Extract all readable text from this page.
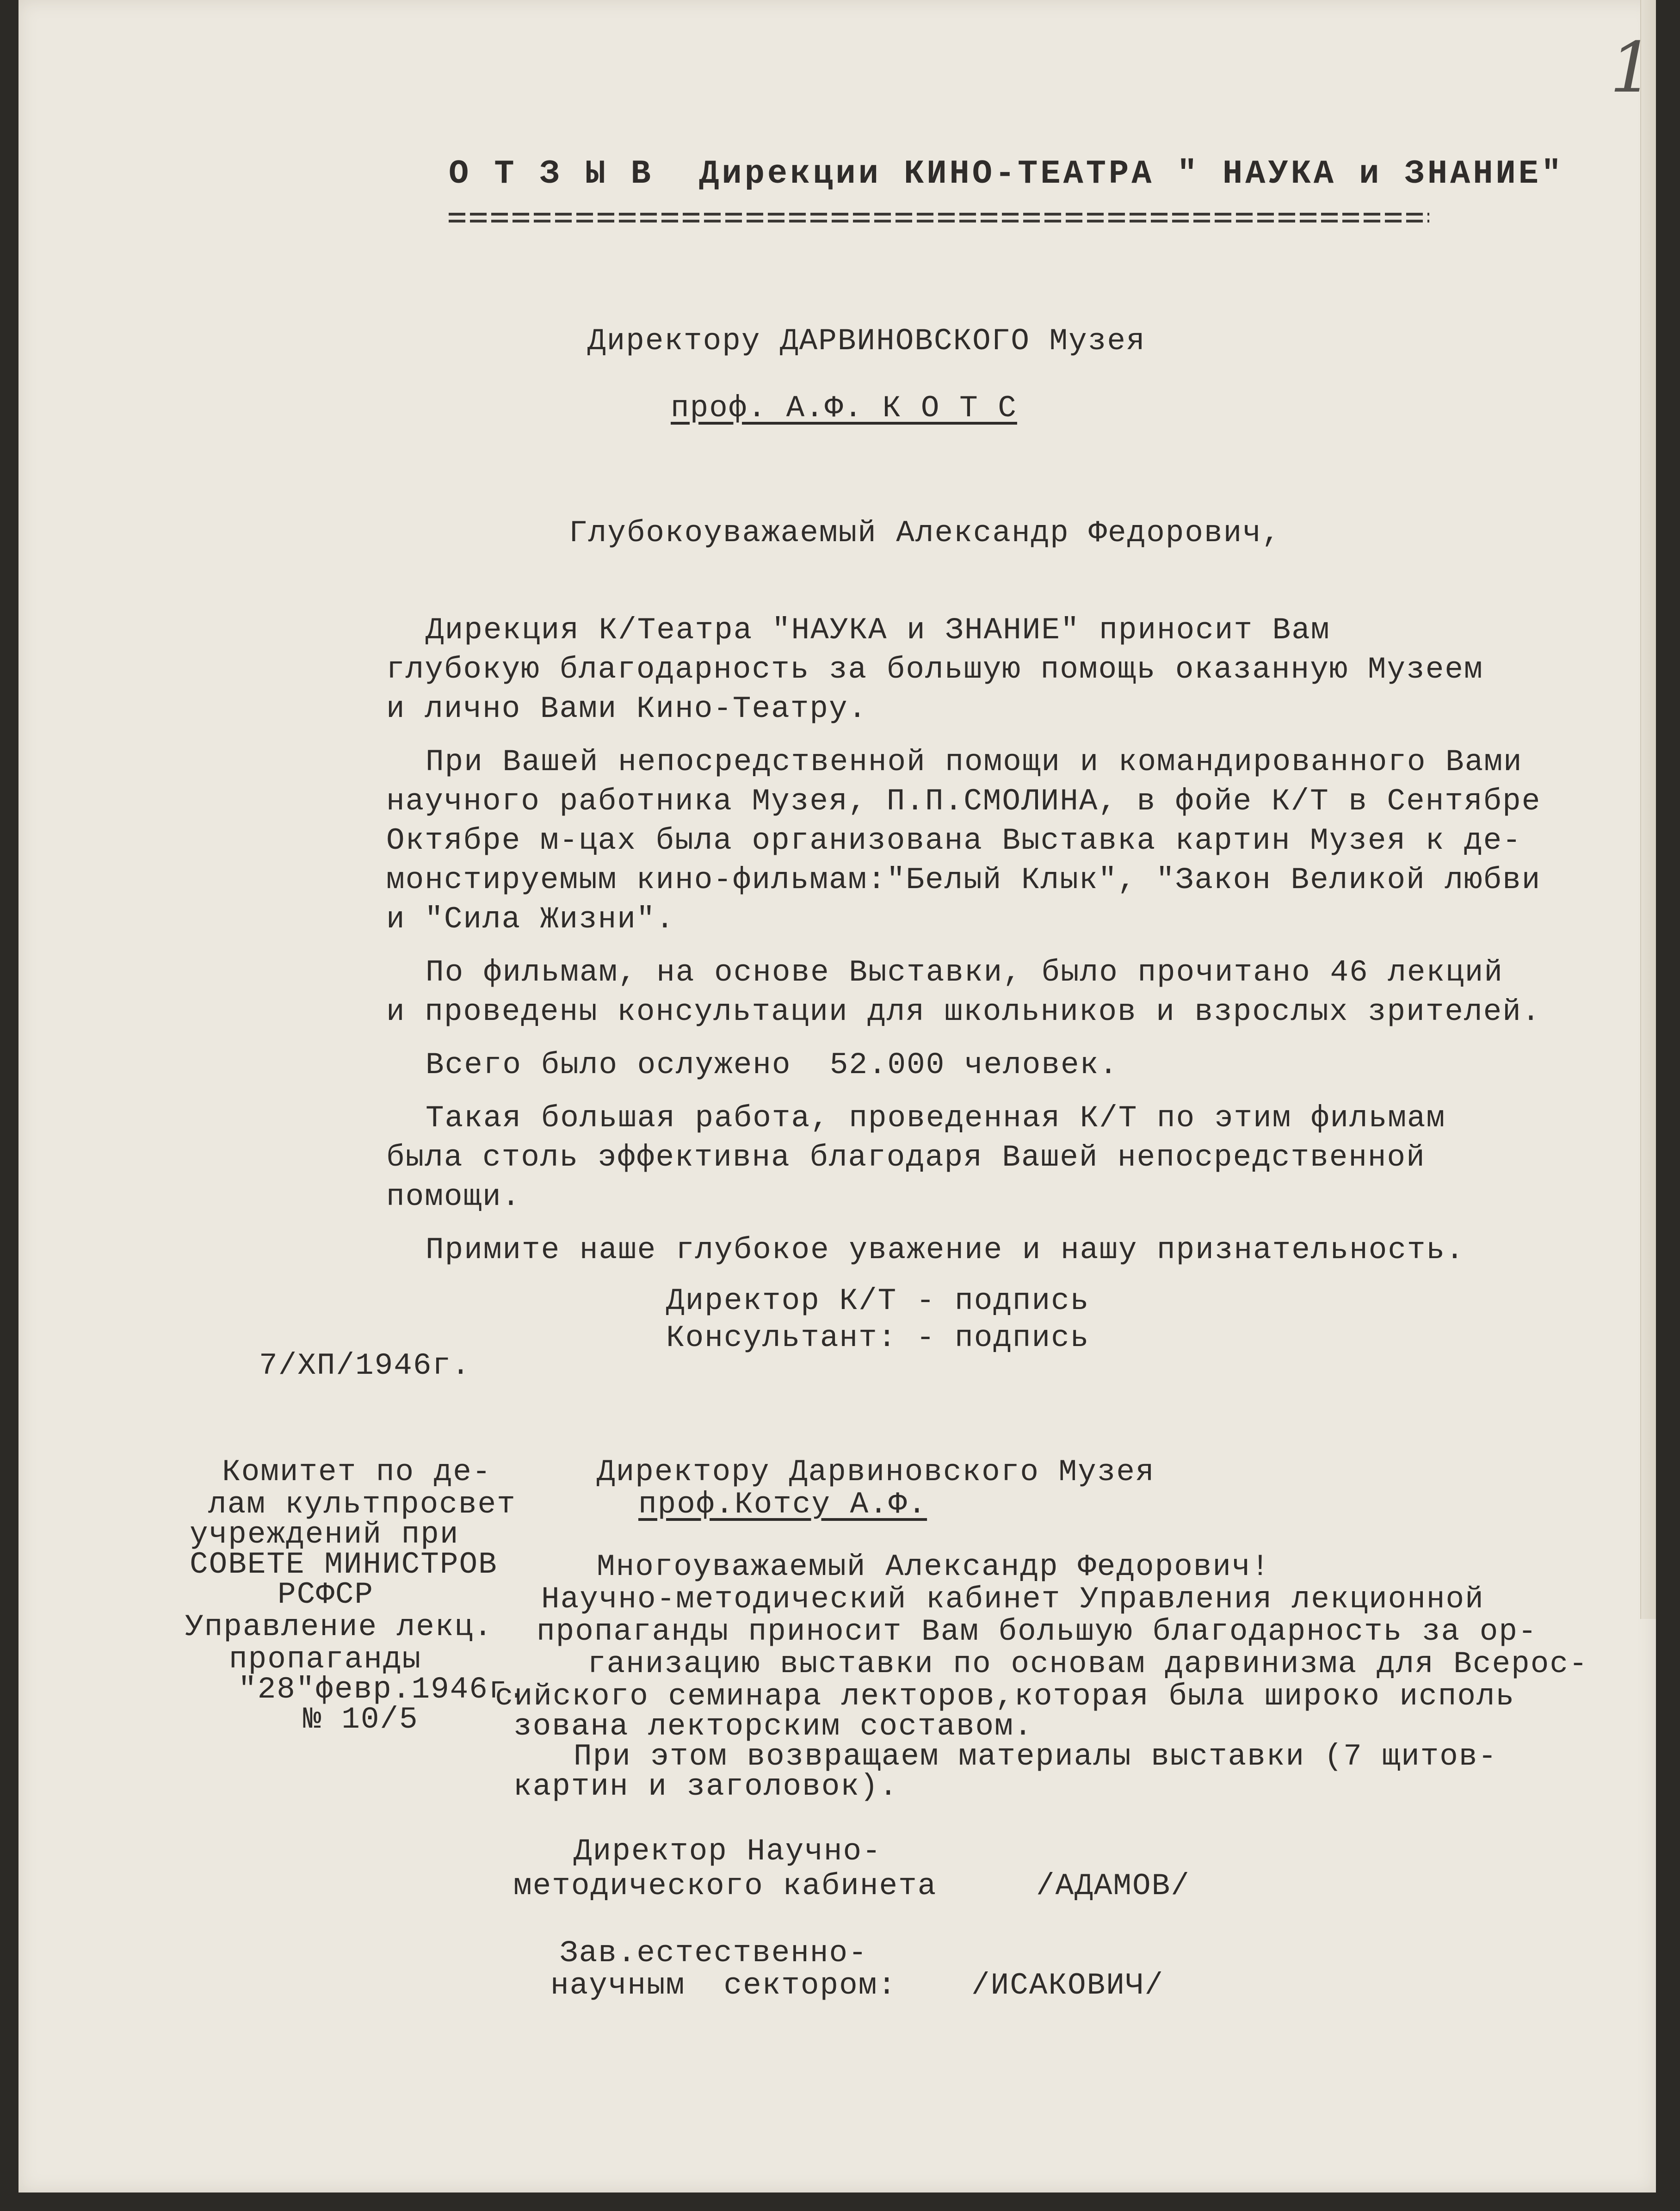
1
О Т З Ы В  Дирекции КИНО-ТЕАТРА " НАУКА и ЗНАНИЕ"
Директору ДАРВИНОВСКОГО Музея
проф. А.Ф. К О Т С
Глубокоуважаемый Александр Федорович,
Дирекция К/Театра "НАУКА и ЗНАНИЕ" приносит Вам
глубокую благодарность за большую помощь оказанную Музеем
и лично Вами Кино-Театру.
При Вашей непосредственной помощи и командированного Вами
научного работника Музея, П.П.СМОЛИНА, в фойе К/Т в Сентябре
Октябре м-цах была организована Выставка картин Музея к де-
монстируемым кино-фильмам:"Белый Клык", "Закон Великой любви
и "Сила Жизни".
По фильмам, на основе Выставки, было прочитано 46 лекций
и проведены консультации для школьников и взрослых зрителей.
Всего было ослужено  52.000 человек.
Такая большая работа, проведенная К/Т по этим фильмам
была столь эффективна благодаря Вашей непосредственной
помощи.
Примите наше глубокое уважение и нашу признательность.
Директор К/Т - подпись
Консультант: - подпись
7/ХП/1946г.
Комитет по де-
лам культпросвет
учреждений при
СОВЕТЕ МИНИСТРОВ
РСФСР
Управление лекц.
пропаганды
"28"февр.1946г.
№ 10/5
Директору Дарвиновского Музея
проф.Котсу А.Ф.
Многоуважаемый Александр Федорович!
Научно-методический кабинет Управления лекционной
пропаганды приносит Вам большую благодарность за ор-
ганизацию выставки по основам дарвинизма для Всерос-
сийского семинара лекторов,которая была широко исполь
зована лекторским составом.
При этом возвращаем материалы выставки (7 щитов-
картин и заголовок).
Директор Научно-
методического кабинета	/АДАМОВ/
Зав.естественно-
научным  сектором: /ИСАКОВИЧ/
